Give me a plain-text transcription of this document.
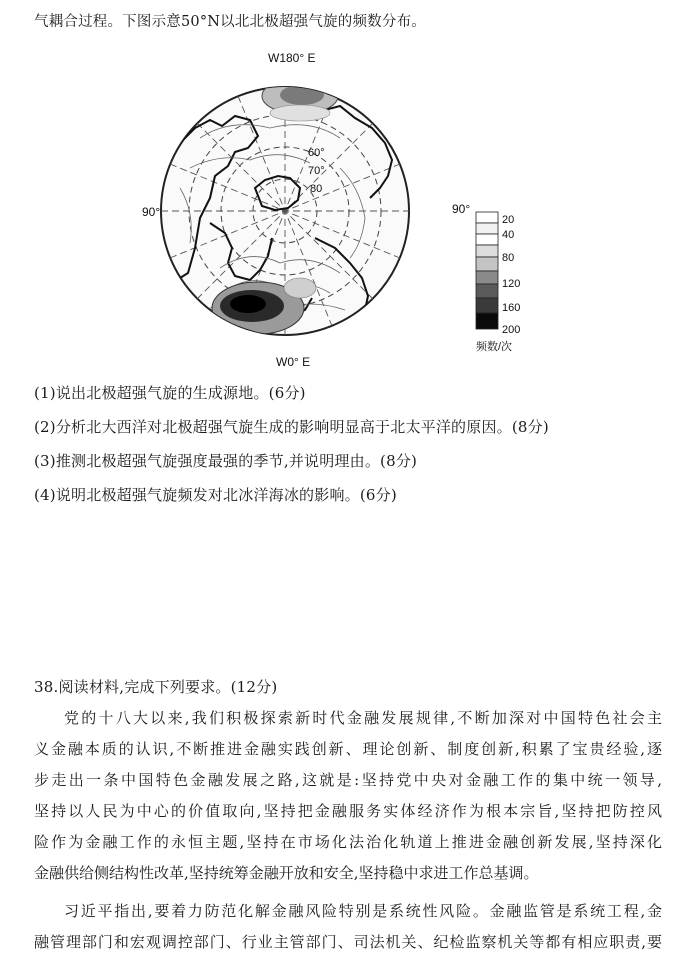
气耦合过程。下图示意50°N以北北极超强气旋的频数分布。
60°
70°
80
W180° E
W0° E
90°	90°
20
40
80
120
160
200
频数/次
(1)说出北极超强气旋的生成源地。(6分)
(2)分析北大西洋对北极超强气旋生成的影响明显高于北太平洋的原因。(8分)
(3)推测北极超强气旋强度最强的季节,并说明理由。(8分)
(4)说明北极超强气旋频发对北冰洋海冰的影响。(6分)
38.阅读材料,完成下列要求。(12分)
党的十八大以来,我们积极探索新时代金融发展规律,不断加深对中国特色社会主
义金融本质的认识,不断推进金融实践创新、理论创新、制度创新,积累了宝贵经验,逐
步走出一条中国特色金融发展之路,这就是:坚持党中央对金融工作的集中统一领导,
坚持以人民为中心的价值取向,坚持把金融服务实体经济作为根本宗旨,坚持把防控风
险作为金融工作的永恒主题,坚持在市场化法治化轨道上推进金融创新发展,坚持深化
金融供给侧结构性改革,坚持统筹金融开放和安全,坚持稳中求进工作总基调。
习近平指出,要着力防范化解金融风险特别是系统性风险。金融监管是系统工程,金
融管理部门和宏观调控部门、行业主管部门、司法机关、纪检监察机关等都有相应职责,要
